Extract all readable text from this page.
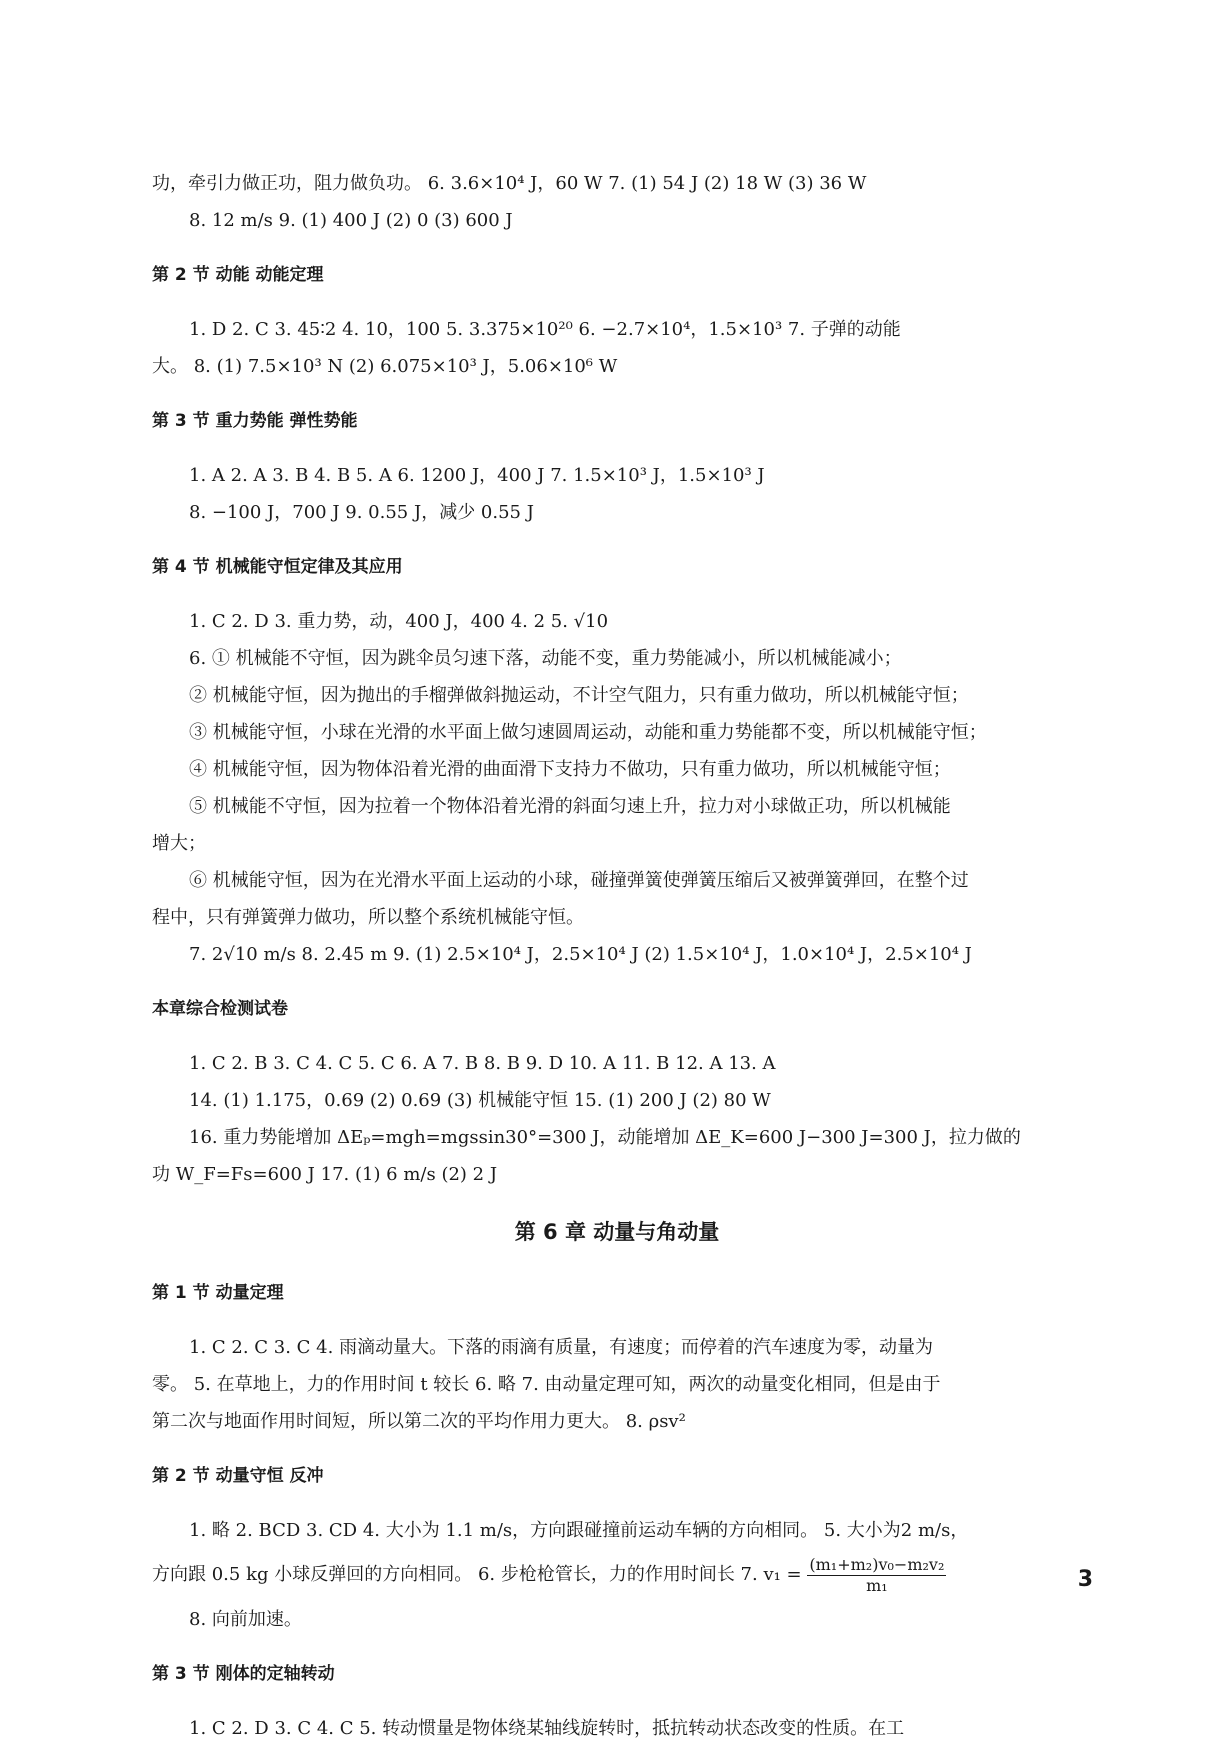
功，牵引力做正功，阻力做负功。 6. 3.6×10⁴ J，60 W 7. (1) 54 J (2) 18 W (3) 36 W

8. 12 m/s 9. (1) 400 J (2) 0 (3) 600 J

第 2 节 动能 动能定理

1. D 2. C 3. 45∶2 4. 10，100 5. 3.375×10²⁰ 6. −2.7×10⁴，1.5×10³ 7. 子弹的动能

大。 8. (1) 7.5×10³ N (2) 6.075×10³ J，5.06×10⁶ W

第 3 节 重力势能 弹性势能

1. A 2. A 3. B 4. B 5. A 6. 1200 J，400 J 7. 1.5×10³ J，1.5×10³ J

8. −100 J，700 J 9. 0.55 J，减少 0.55 J

第 4 节 机械能守恒定律及其应用

1. C 2. D 3. 重力势，动，400 J，400 4. 2 5. √10

6. ① 机械能不守恒，因为跳伞员匀速下落，动能不变，重力势能减小，所以机械能减小；

② 机械能守恒，因为抛出的手榴弹做斜抛运动，不计空气阻力，只有重力做功，所以机械能守恒；

③ 机械能守恒，小球在光滑的水平面上做匀速圆周运动，动能和重力势能都不变，所以机械能守恒；

④ 机械能守恒，因为物体沿着光滑的曲面滑下支持力不做功，只有重力做功，所以机械能守恒；

⑤ 机械能不守恒，因为拉着一个物体沿着光滑的斜面匀速上升，拉力对小球做正功，所以机械能

增大；

⑥ 机械能守恒，因为在光滑水平面上运动的小球，碰撞弹簧使弹簧压缩后又被弹簧弹回，在整个过

程中，只有弹簧弹力做功，所以整个系统机械能守恒。

7. 2√10 m/s 8. 2.45 m 9. (1) 2.5×10⁴ J，2.5×10⁴ J (2) 1.5×10⁴ J，1.0×10⁴ J，2.5×10⁴ J

本章综合检测试卷

1. C 2. B 3. C 4. C 5. C 6. A 7. B 8. B 9. D 10. A 11. B 12. A 13. A

14. (1) 1.175，0.69 (2) 0.69 (3) 机械能守恒 15. (1) 200 J (2) 80 W

16. 重力势能增加 ΔEₚ=mgh=mgssin30°=300 J，动能增加 ΔE_K=600 J−300 J=300 J，拉力做的

功 W_F=Fs=600 J 17. (1) 6 m/s (2) 2 J

第 6 章 动量与角动量

第 1 节 动量定理

1. C 2. C 3. C 4. 雨滴动量大。下落的雨滴有质量，有速度；而停着的汽车速度为零，动量为

零。 5. 在草地上，力的作用时间 t 较长 6. 略 7. 由动量定理可知，两次的动量变化相同，但是由于

第二次与地面作用时间短，所以第二次的平均作用力更大。 8. ρsv²

第 2 节 动量守恒 反冲

1. 略 2. BCD 3. CD 4. 大小为 1.1 m/s，方向跟碰撞前运动车辆的方向相同。 5. 大小为2 m/s，

方向跟 0.5 kg 小球反弹回的方向相同。 6. 步枪枪管长，力的作用时间长 7. $v_1 = \frac{\text{(m₁+m₂)v₀−m₂v₂}}{\text{m₁}}$

8. 向前加速。

第 3 节 刚体的定轴转动

1. C 2. D 3. C 4. C 5. 转动惯量是物体绕某轴线旋转时，抵抗转动状态改变的性质。在工

3
